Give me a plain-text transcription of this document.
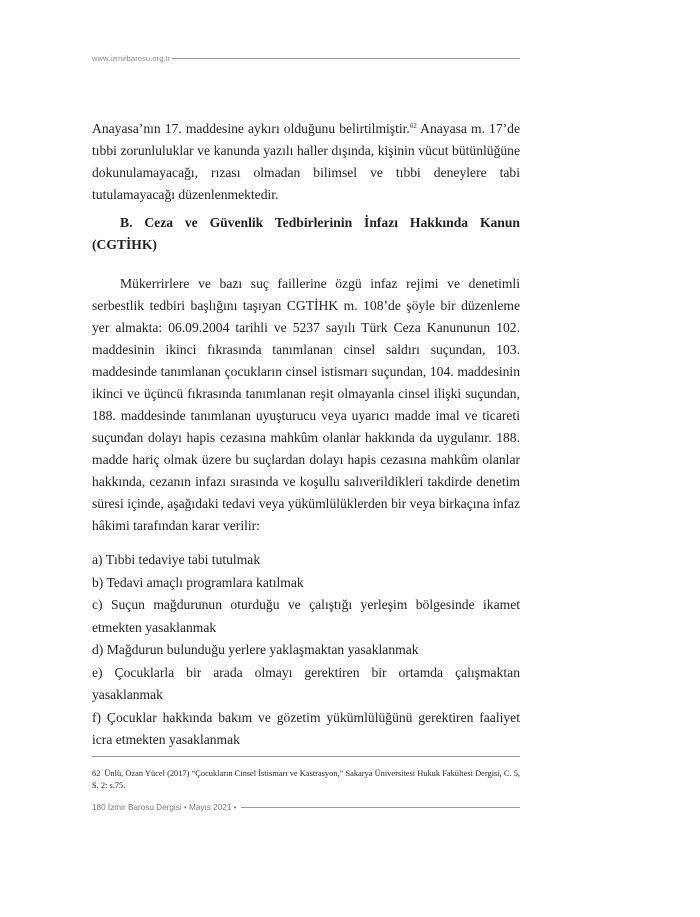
www.izmirbarosu.org.tr

Anayasa’nın 17. maddesine aykırı olduğunu belirtilmiştir.$^{62}$ Anayasa m. 17’de tıbbi zorunluluklar ve kanunda yazılı haller dışında, kişinin vücut bütünlüğüne dokunulamayacağı, rızası olmadan bilimsel ve tıbbi deneylere tabi tutulamayacağı düzenlenmektedir.

B. Ceza ve Güvenlik Tedbirlerinin İnfazı Hakkında Kanun (CGTİHK)

Mükerrirlere ve bazı suç faillerine özgü infaz rejimi ve denetimli serbestlik tedbiri başlığını taşıyan CGTİHK m. 108’de şöyle bir düzenleme yer almakta: 06.09.2004 tarihli ve 5237 sayılı Türk Ceza Kanununun 102. maddesinin ikinci fıkrasında tanımlanan cinsel saldırı suçundan, 103. maddesinde tanımlanan çocukların cinsel istismarı suçundan, 104. maddesinin ikinci ve üçüncü fıkrasında tanımlanan reşit olmayanla cinsel ilişki suçundan, 188. maddesinde tanımlanan uyuşturucu veya uyarıcı madde imal ve ticareti suçundan dolayı hapis cezasına mahkûm olanlar hakkında da uygulanır. 188. madde hariç olmak üzere bu suçlardan dolayı hapis cezasına mahkûm olanlar hakkında, cezanın infazı sırasında ve koşullu salıverildikleri takdirde denetim süresi içinde, aşağıdaki tedavi veya yükümlülüklerden bir veya birkaçına infaz hâkimi tarafından karar verilir:

a) Tıbbi tedaviye tabi tutulmak
b) Tedavi amaçlı programlara katılmak
c) Suçun mağdurunun oturduğu ve çalıştığı yerleşim bölgesinde ikamet etmekten yasaklanmak
d) Mağdurun bulunduğu yerlere yaklaşmaktan yasaklanmak
e) Çocuklarla bir arada olmayı gerektiren bir ortamda çalışmaktan yasaklanmak
f) Çocuklar hakkında bakım ve gözetim yükümlülüğünü gerektiren faaliyet icra etmekten yasaklanmak

62 Ünlü, Ozan Yücel (2017) “Çocukların Cinsel İstismarı ve Kastrasyon,” Sakarya Üniversitesi Hukuk Fakültesi Dergisi, C. 5, S. 2: s.75.

180 İzmir Barosu Dergisi • Mayıs 2021 •
